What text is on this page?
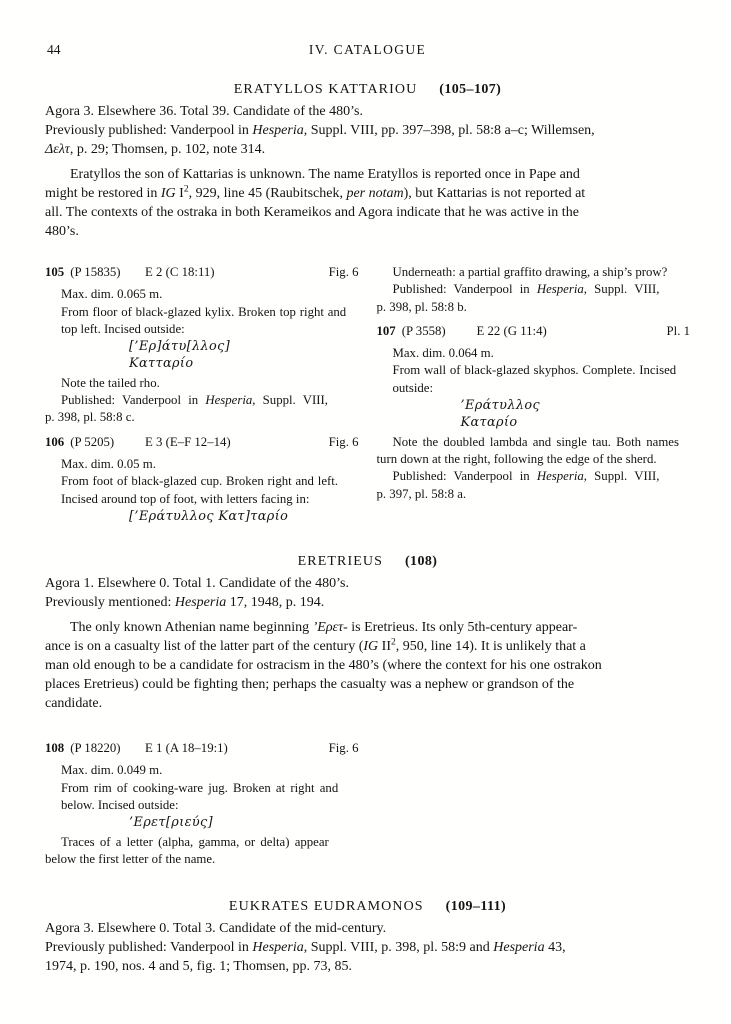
44	IV. CATALOGUE
ERATYLLOS KATTARIOU (105–107)
Agora 3. Elsewhere 36. Total 39. Candidate of the 480’s.
Previously published: Vanderpool in Hesperia, Suppl. VIII, pp. 397–398, pl. 58:8 a–c; Willemsen,
Δελτ, p. 29; Thomsen, p. 102, note 314.
Eratyllos the son of Kattarias is unknown. The name Eratyllos is reported once in Pape and
might be restored in IG $I^2$, 929, line 45 (Raubitschek, per notam), but Kattarias is not reported at
all. The contexts of the ostraka in both Kerameikos and Agora indicate that he was active in the
480’s.
105 (P 15835)	E 2 (C 18:11)	Fig. 6
Max. dim. 0.065 m.
From floor of black-glazed kylix. Broken top right and
top left. Incised outside:
[’Ερ]άτυ[λλος]
Κατταρίο
Note the tailed rho.
Published: Vanderpool in Hesperia, Suppl. VIII,
p. 398, pl. 58:8 c.
106 (P 5205)	E 3 (E–F 12–14)	Fig. 6
Max. dim. 0.05 m.
From foot of black-glazed cup. Broken right and left.
Incised around top of foot, with letters facing in:
[’Εράτυλλος Κατ]ταρίο
Underneath: a partial graffito drawing, a ship’s prow?
Published: Vanderpool in Hesperia, Suppl. VIII,
p. 398, pl. 58:8 b.
107 (P 3558)	E 22 (G 11:4)	Pl. 1
Max. dim. 0.064 m.
From wall of black-glazed skyphos. Complete. Incised
outside:
’Εράτυλλος
Καταρίο
Note the doubled lambda and single tau. Both names
turn down at the right, following the edge of the sherd.
Published: Vanderpool in Hesperia, Suppl. VIII,
p. 397, pl. 58:8 a.
ERETRIEUS (108)
Agora 1. Elsewhere 0. Total 1. Candidate of the 480’s.
Previously mentioned: Hesperia 17, 1948, p. 194.
The only known Athenian name beginning ’Ερετ- is Eretrieus. Its only 5th-century appear-
ance is on a casualty list of the latter part of the century (IG $II^2$, 950, line 14). It is unlikely that a
man old enough to be a candidate for ostracism in the 480’s (where the context for his one ostrakon
places Eretrieus) could be fighting then; perhaps the casualty was a nephew or grandson of the
candidate.
108 (P 18220)	E 1 (A 18–19:1)	Fig. 6
Max. dim. 0.049 m.
From rim of cooking-ware jug. Broken at right and
below. Incised outside:
’Ερετ[ριεύς]
Traces of a letter (alpha, gamma, or delta) appear
below the first letter of the name.
EUKRATES EUDRAMONOS (109–111)
Agora 3. Elsewhere 0. Total 3. Candidate of the mid-century.
Previously published: Vanderpool in Hesperia, Suppl. VIII, p. 398, pl. 58:9 and Hesperia 43,
1974, p. 190, nos. 4 and 5, fig. 1; Thomsen, pp. 73, 85.
